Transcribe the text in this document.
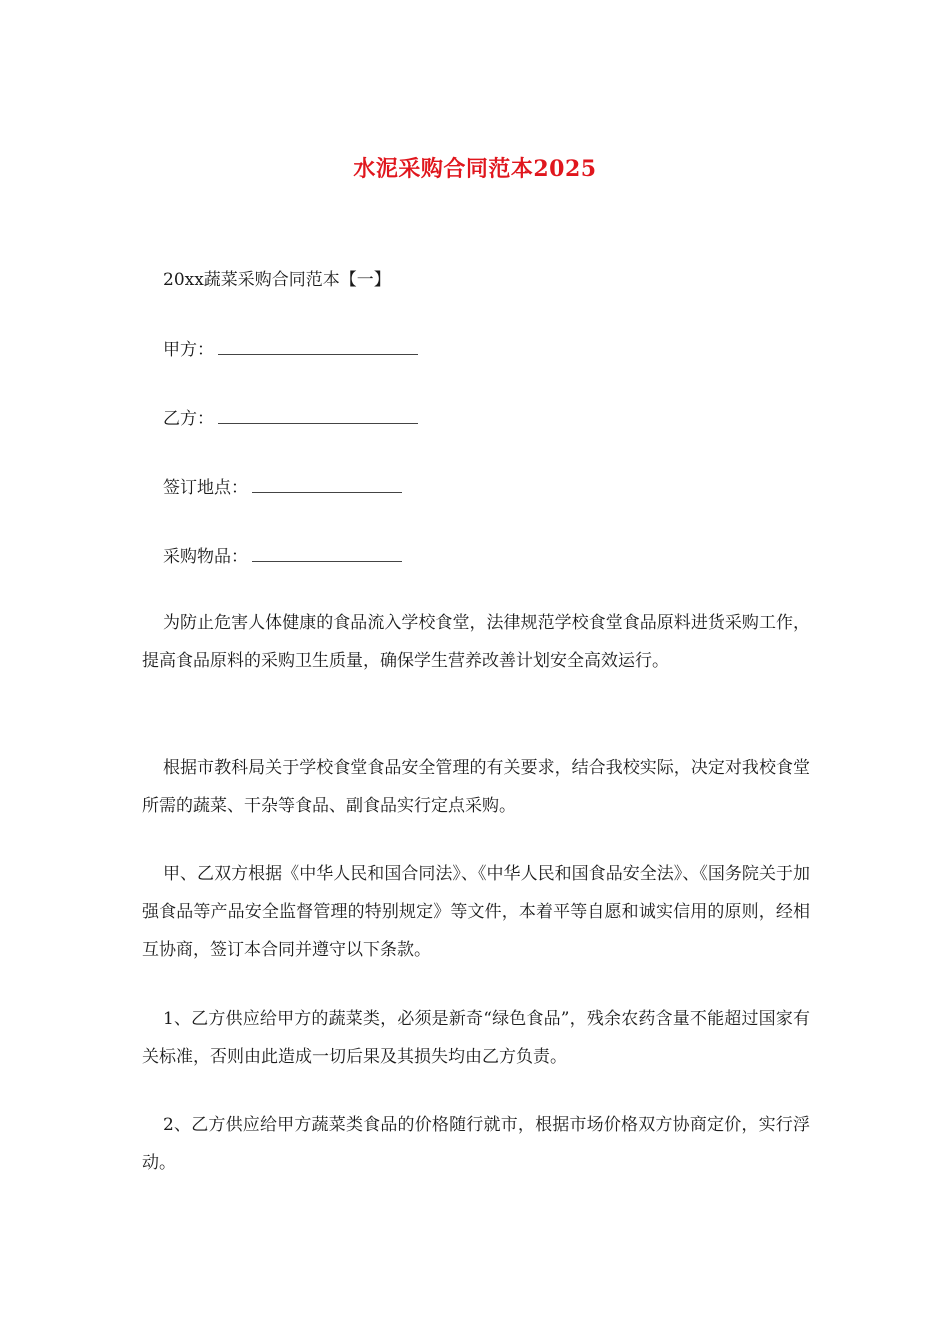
水泥采购合同范本2025
20xx蔬菜采购合同范本【一】
甲方：
乙方：
签订地点：
采购物品：

为防止危害人体健康的食品流入学校食堂，法律规范学校食堂食品原料进货采购工作，提高食品原料的采购卫生质量，确保学生营养改善计划安全高效运行。

根据市教科局关于学校食堂食品安全管理的有关要求，结合我校实际，决定对我校食堂所需的蔬菜、干杂等食品、副食品实行定点采购。

甲、乙双方根据《中华人民和国合同法》、《中华人民和国食品安全法》、《国务院关于加强食品等产品安全监督管理的特别规定》等文件，本着平等自愿和诚实信用的原则，经相互协商，签订本合同并遵守以下条款。

1、乙方供应给甲方的蔬菜类，必须是新奇“绿色食品”，残余农药含量不能超过国家有关标准，否则由此造成一切后果及其损失均由乙方负责。

2、乙方供应给甲方蔬菜类食品的价格随行就市，根据市场价格双方协商定价，实行浮动。
